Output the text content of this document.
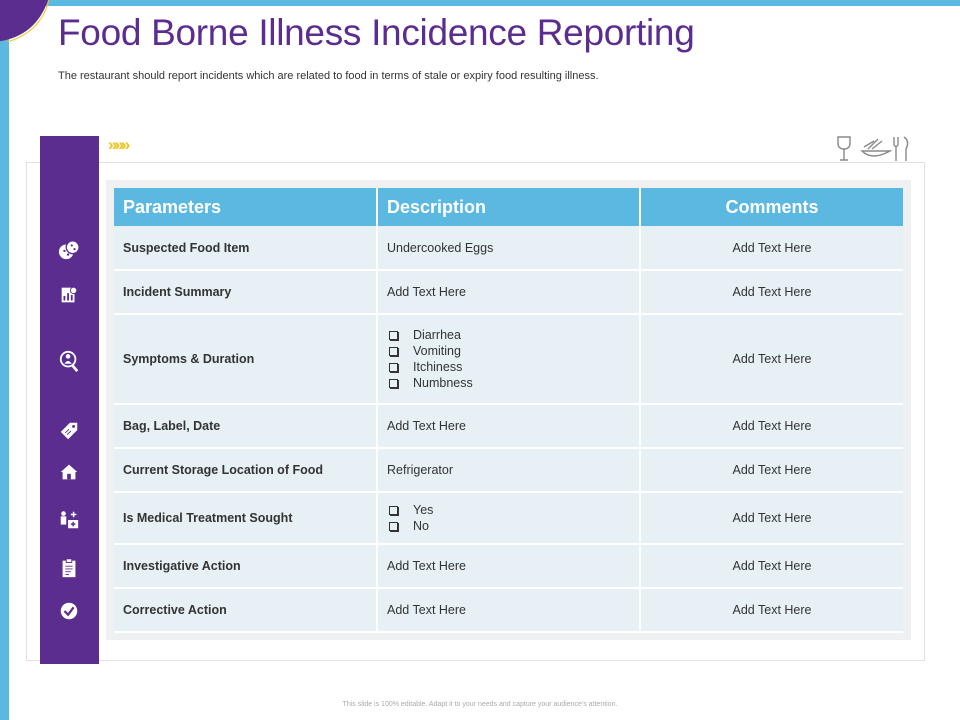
Food Borne Illness Incidence Reporting
The restaurant should report incidents which are related to food in terms of stale or expiry food resulting illness.
»»»
Parameters	Description	Comments
Suspected Food Item	Undercooked Eggs	Add Text Here
Incident Summary	Add Text Here	Add Text Here
Symptoms & Duration	Diarrhea
Vomiting
Itchiness
Numbness	Add Text Here
Bag, Label, Date	Add Text Here	Add Text Here
Current Storage Location of Food	Refrigerator	Add Text Here
Is Medical Treatment Sought	Yes
No	Add Text Here
Investigative Action	Add Text Here	Add Text Here
Corrective Action	Add Text Here	Add Text Here
This slide is 100% editable. Adapt it to your needs and capture your audience's attention.
